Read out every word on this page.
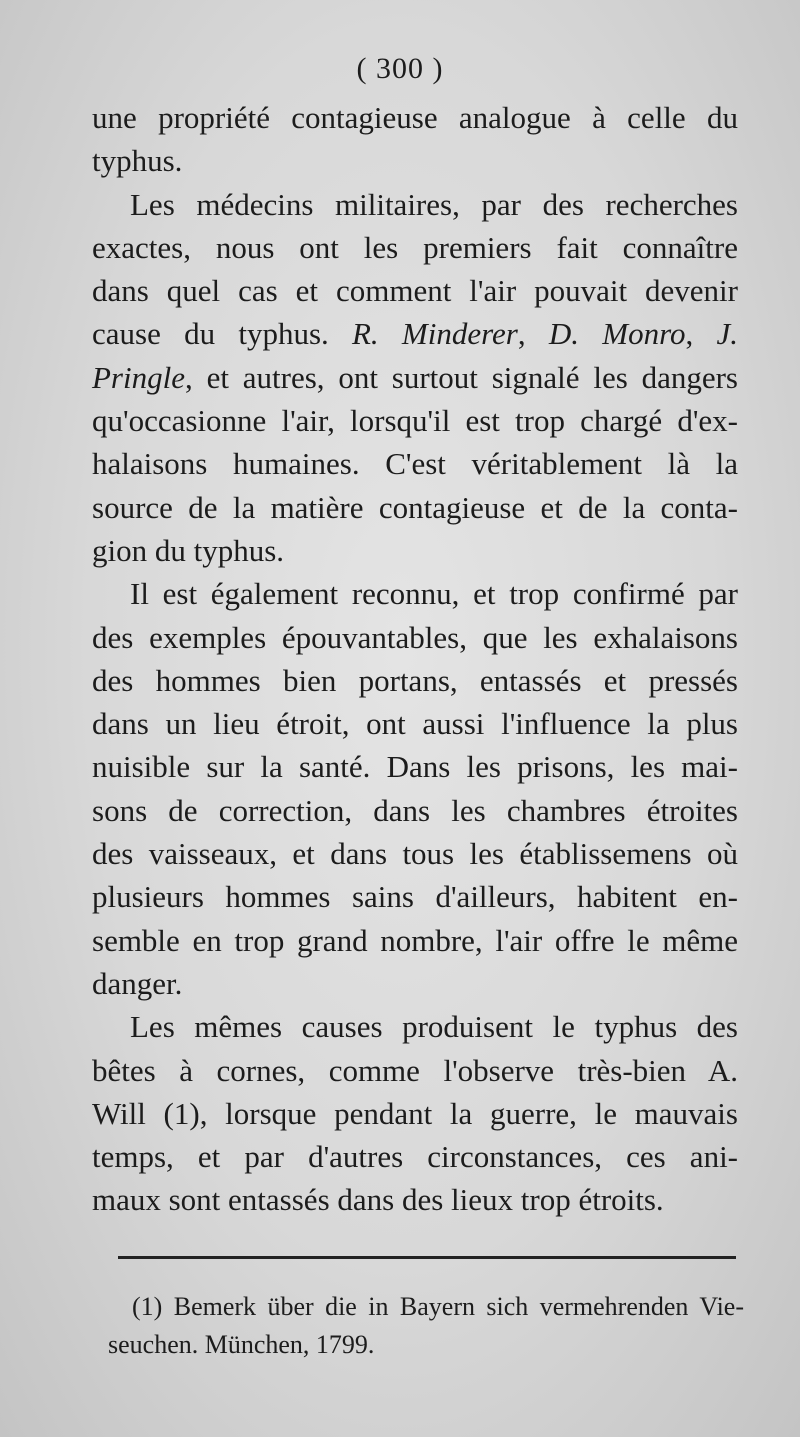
( 300 )
une propriété contagieuse analogue à celle du
typhus.
Les médecins militaires, par des recherches
exactes, nous ont les premiers fait connaître
dans quel cas et comment l'air pouvait devenir
cause du typhus. R. Minderer, D. Monro, J.
Pringle, et autres, ont surtout signalé les dangers
qu'occasionne l'air, lorsqu'il est trop chargé d'ex-
halaisons humaines. C'est véritablement là la
source de la matière contagieuse et de la conta-
gion du typhus.
Il est également reconnu, et trop confirmé par
des exemples épouvantables, que les exhalaisons
des hommes bien portans, entassés et pressés
dans un lieu étroit, ont aussi l'influence la plus
nuisible sur la santé. Dans les prisons, les mai-
sons de correction, dans les chambres étroites
des vaisseaux, et dans tous les établissemens où
plusieurs hommes sains d'ailleurs, habitent en-
semble en trop grand nombre, l'air offre le même
danger.
Les mêmes causes produisent le typhus des
bêtes à cornes, comme l'observe très-bien A.
Will (1), lorsque pendant la guerre, le mauvais
temps, et par d'autres circonstances, ces ani-
maux sont entassés dans des lieux trop étroits.
(1) Bemerk über die in Bayern sich vermehrenden Vie-
seuchen. München, 1799.
